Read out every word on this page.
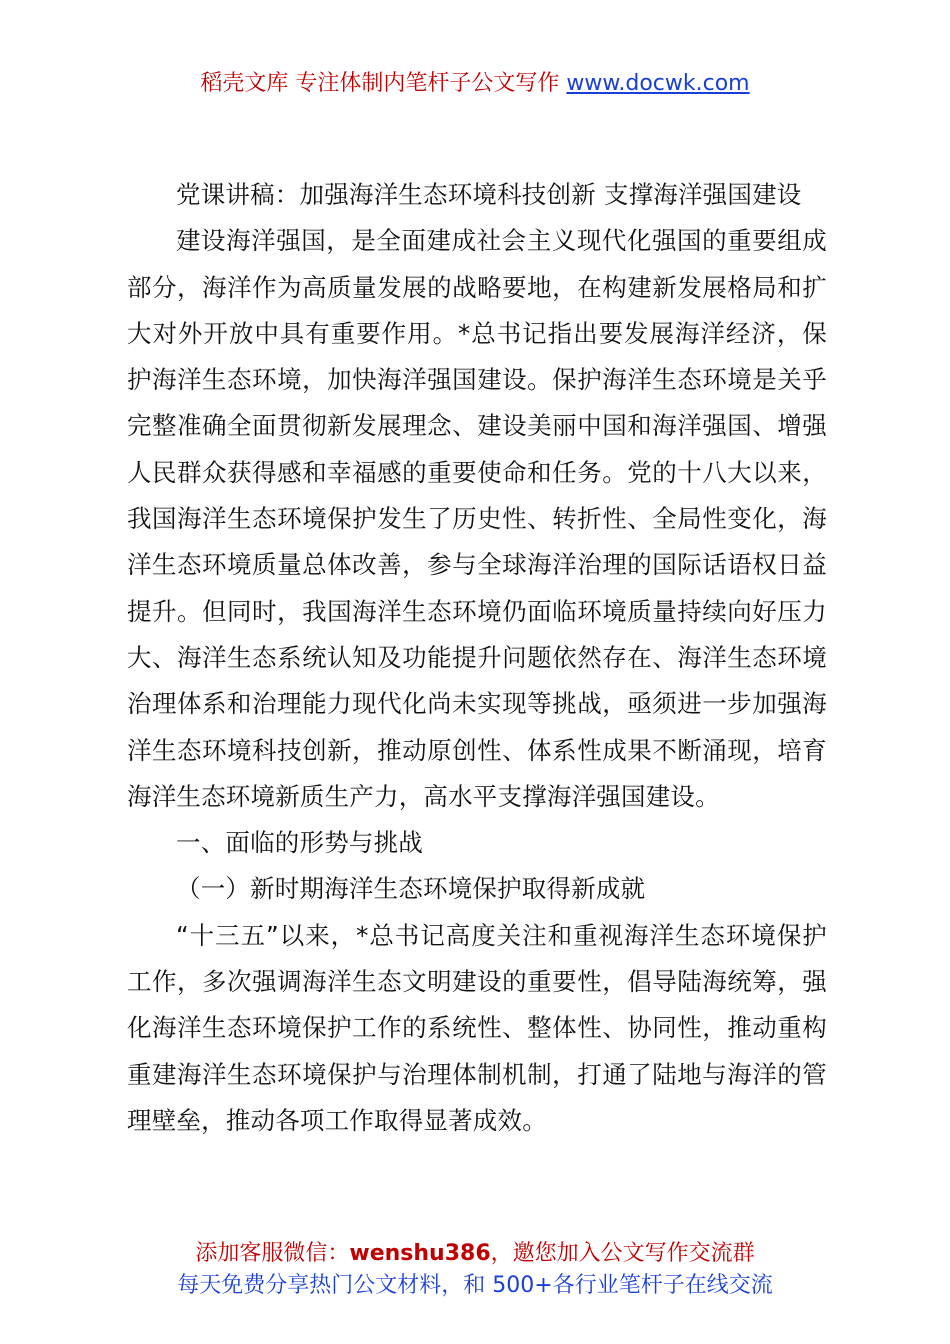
稻壳文库 专注体制内笔杆子公文写作 www.docwk.com

党课讲稿：加强海洋生态环境科技创新 支撑海洋强国建设

建设海洋强国，是全面建成社会主义现代化强国的重要组成部分，海洋作为高质量发展的战略要地，在构建新发展格局和扩大对外开放中具有重要作用。*总书记指出要发展海洋经济，保护海洋生态环境，加快海洋强国建设。保护海洋生态环境是关乎完整准确全面贯彻新发展理念、建设美丽中国和海洋强国、增强人民群众获得感和幸福感的重要使命和任务。党的十八大以来，我国海洋生态环境保护发生了历史性、转折性、全局性变化，海洋生态环境质量总体改善，参与全球海洋治理的国际话语权日益提升。但同时，我国海洋生态环境仍面临环境质量持续向好压力大、海洋生态系统认知及功能提升问题依然存在、海洋生态环境治理体系和治理能力现代化尚未实现等挑战，亟须进一步加强海洋生态环境科技创新，推动原创性、体系性成果不断涌现，培育海洋生态环境新质生产力，高水平支撑海洋强国建设。

一、面临的形势与挑战

（一）新时期海洋生态环境保护取得新成就

“十三五”以来，*总书记高度关注和重视海洋生态环境保护工作，多次强调海洋生态文明建设的重要性，倡导陆海统筹，强化海洋生态环境保护工作的系统性、整体性、协同性，推动重构重建海洋生态环境保护与治理体制机制，打通了陆地与海洋的管理壁垒，推动各项工作取得显著成效。

添加客服微信：wenshu386，邀您加入公文写作交流群
每天免费分享热门公文材料，和 500+各行业笔杆子在线交流
